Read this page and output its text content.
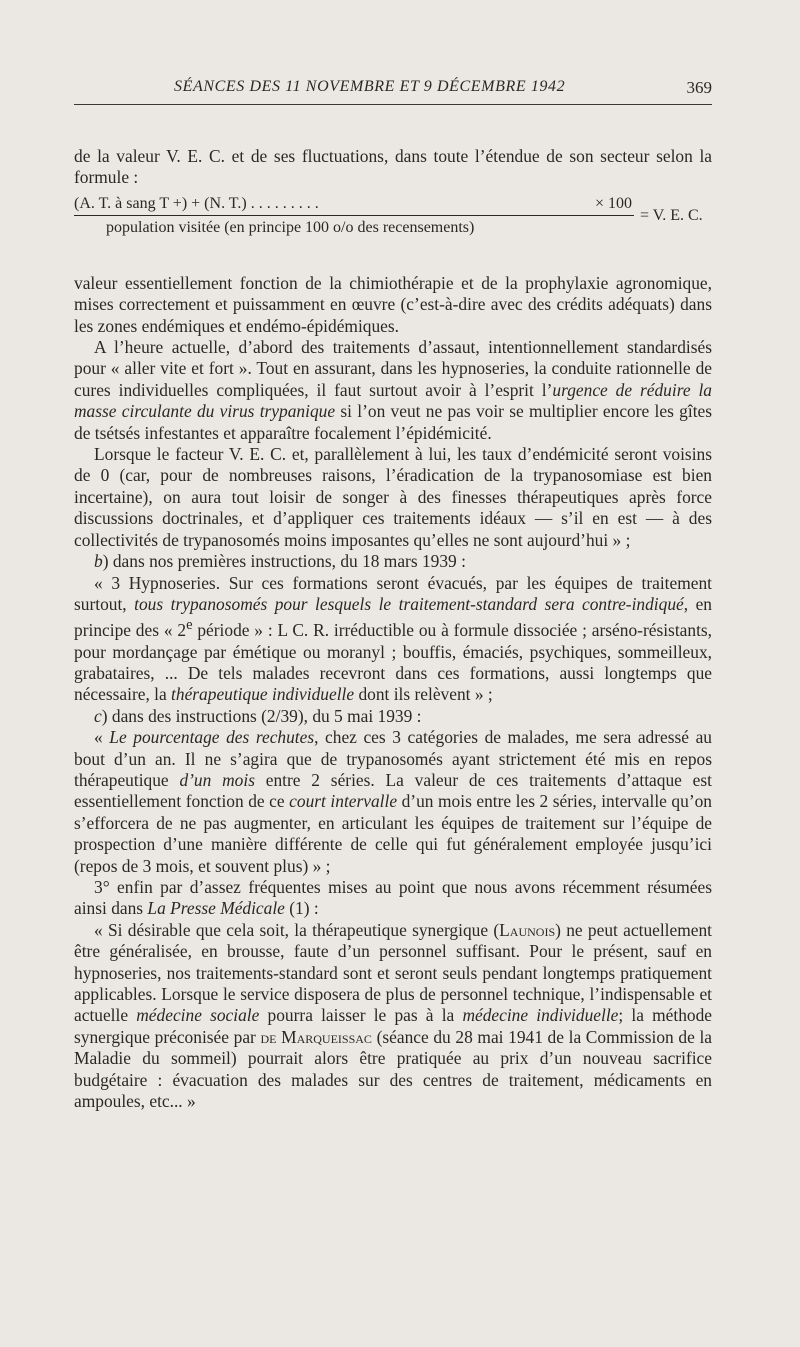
SÉANCES DES 11 NOVEMBRE ET 9 DÉCEMBRE 1942	369

de la valeur V. E. C. et de ses fluctuations, dans toute l’étendue de son secteur selon la formule :

(A. T. à sang T +) + (N. T.) . . . . . . . . .	× 100
population visitée (en principe 100 o/o des recensements)
= V. E. C.

valeur essentiellement fonction de la chimiothérapie et de la prophylaxie agronomique, mises correctement et puissamment en œuvre (c’est-à-dire avec des crédits adéquats) dans les zones endémiques et endémo-épidémiques.

A l’heure actuelle, d’abord des traitements d’assaut, intentionnellement standardisés pour « aller vite et fort ». Tout en assurant, dans les hypnoseries, la conduite rationnelle de cures individuelles compliquées, il faut surtout avoir à l’esprit l’urgence de réduire la masse circulante du virus trypanique si l’on veut ne pas voir se multiplier encore les gîtes de tsétsés infestantes et apparaître focalement l’épidémicité.

Lorsque le facteur V. E. C. et, parallèlement à lui, les taux d’endémicité seront voisins de 0 (car, pour de nombreuses raisons, l’éradication de la trypanosomiase est bien incertaine), on aura tout loisir de songer à des finesses thérapeutiques après force discussions doctrinales, et d’appliquer ces traitements idéaux — s’il en est — à des collectivités de trypanosomés moins imposantes qu’elles ne sont aujourd’hui » ;

b) dans nos premières instructions, du 18 mars 1939 :

« 3 Hypnoseries. Sur ces formations seront évacués, par les équipes de traitement surtout, tous trypanosomés pour lesquels le traitement-standard sera contre-indiqué, en principe des « 2e période » : L C. R. irréductible ou à formule dissociée ; arséno-résistants, pour mordançage par émétique ou moranyl ; bouffis, émaciés, psychiques, sommeilleux, grabataires, ... De tels malades recevront dans ces formations, aussi longtemps que nécessaire, la thérapeutique individuelle dont ils relèvent » ;

c) dans des instructions (2/39), du 5 mai 1939 :

« Le pourcentage des rechutes, chez ces 3 catégories de malades, me sera adressé au bout d’un an. Il ne s’agira que de trypanosomés ayant strictement été mis en repos thérapeutique d’un mois entre 2 séries. La valeur de ces traitements d’attaque est essentiellement fonction de ce court intervalle d’un mois entre les 2 séries, intervalle qu’on s’efforcera de ne pas augmenter, en articulant les équipes de traitement sur l’équipe de prospection d’une manière différente de celle qui fut généralement employée jusqu’ici (repos de 3 mois, et souvent plus) » ;

3° enfin par d’assez fréquentes mises au point que nous avons récemment résumées ainsi dans La Presse Médicale (1) :

« Si désirable que cela soit, la thérapeutique synergique (Launois) ne peut actuellement être généralisée, en brousse, faute d’un personnel suffisant. Pour le présent, sauf en hypnoseries, nos traitements-standard sont et seront seuls pendant longtemps pratiquement applicables. Lorsque le service disposera de plus de personnel technique, l’indispensable et actuelle médecine sociale pourra laisser le pas à la médecine individuelle; la méthode synergique préconisée par de Marqueissac (séance du 28 mai 1941 de la Commission de la Maladie du sommeil) pourrait alors être pratiquée au prix d’un nouveau sacrifice budgétaire : évacuation des malades sur des centres de traitement, médicaments en ampoules, etc... »
